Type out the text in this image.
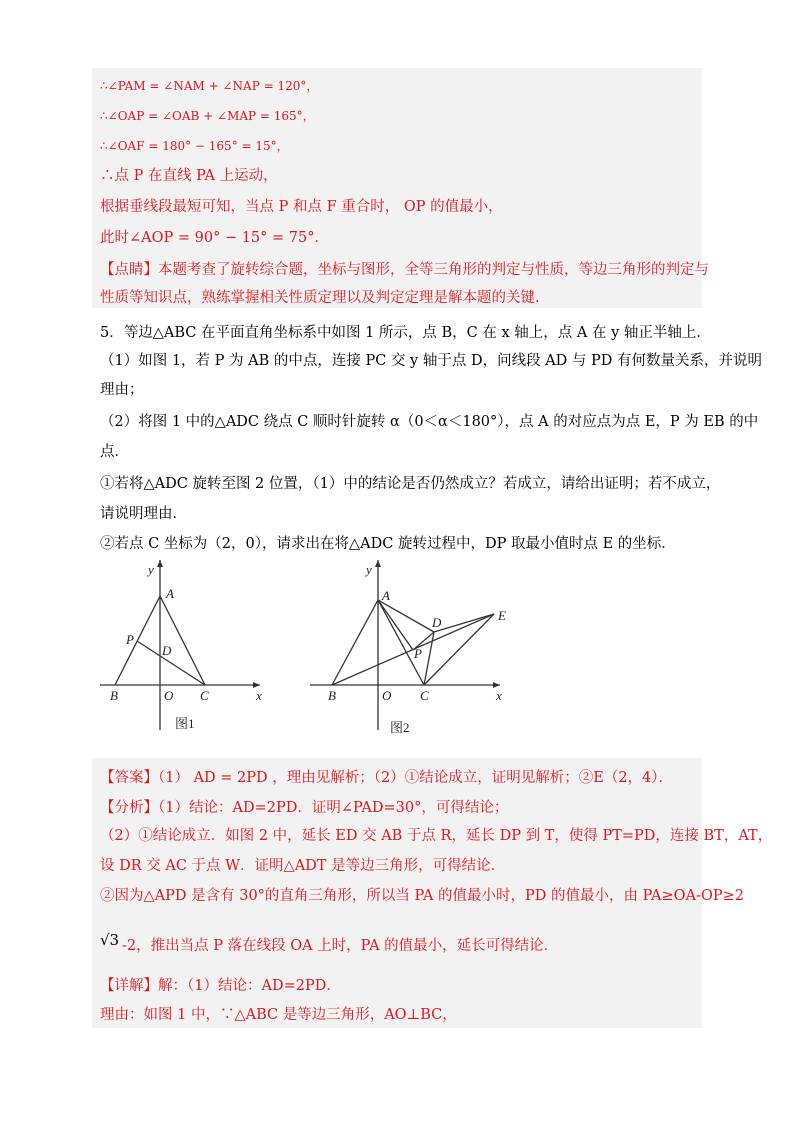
∴∠PAM = ∠NAM + ∠NAP = 120°，
∴∠OAP = ∠OAB + ∠MAP = 165°，
∴∠OAF = 180° − 165° = 15°，
∴点 P 在直线 PA 上运动，
根据垂线段最短可知，当点 P 和点 F 重合时， OP 的值最小，
此时∠AOP = 90° − 15° = 75°．
【点睛】本题考查了旋转综合题，坐标与图形，全等三角形的判定与性质，等边三角形的判定与
性质等知识点，熟练掌握相关性质定理以及判定定理是解本题的关键.
5．等边△ABC 在平面直角坐标系中如图 1 所示，点 B，C 在 x 轴上，点 A 在 y 轴正半轴上．
（1）如图 1，若 P 为 AB 的中点，连接 PC 交 y 轴于点 D，问线段 AD 与 PD 有何数量关系，并说明
理由；
（2）将图 1 中的△ADC 绕点 C 顺时针旋转 α（0＜α＜180°），点 A 的对应点为点 E，P 为 EB 的中
点．
①若将△ADC 旋转至图 2 位置，（1）中的结论是否仍然成立？若成立，请给出证明；若不成立，
请说明理由．
②若点 C 坐标为（2，0），请求出在将△ADC 旋转过程中，DP 取最小值时点 E 的坐标．
y
A
P
D
B	O C	x
图1
y
A
D	E
P
B	O C	x
图2
【答案】（1） AD = 2PD ，理由见解析；（2）①结论成立，证明见解析；②E（2，4）．
【分析】（1）结论：AD=2PD．证明∠PAD=30°，可得结论；
（2）①结论成立．如图 2 中，延长 ED 交 AB 于点 R，延长 DP 到 T，使得 PT=PD，连接 BT，AT，
设 DR 交 AC 于点 W．证明△ADT 是等边三角形，可得结论．
②因为△APD 是含有 30°的直角三角形，所以当 PA 的值最小时，PD 的值最小，由 PA≥OA-OP≥2
√3 -2，推出当点 P 落在线段 OA 上时，PA 的值最小，延长可得结论．
【详解】解：（1）结论：AD=2PD．
理由：如图 1 中，∵△ABC 是等边三角形，AO⊥BC，
